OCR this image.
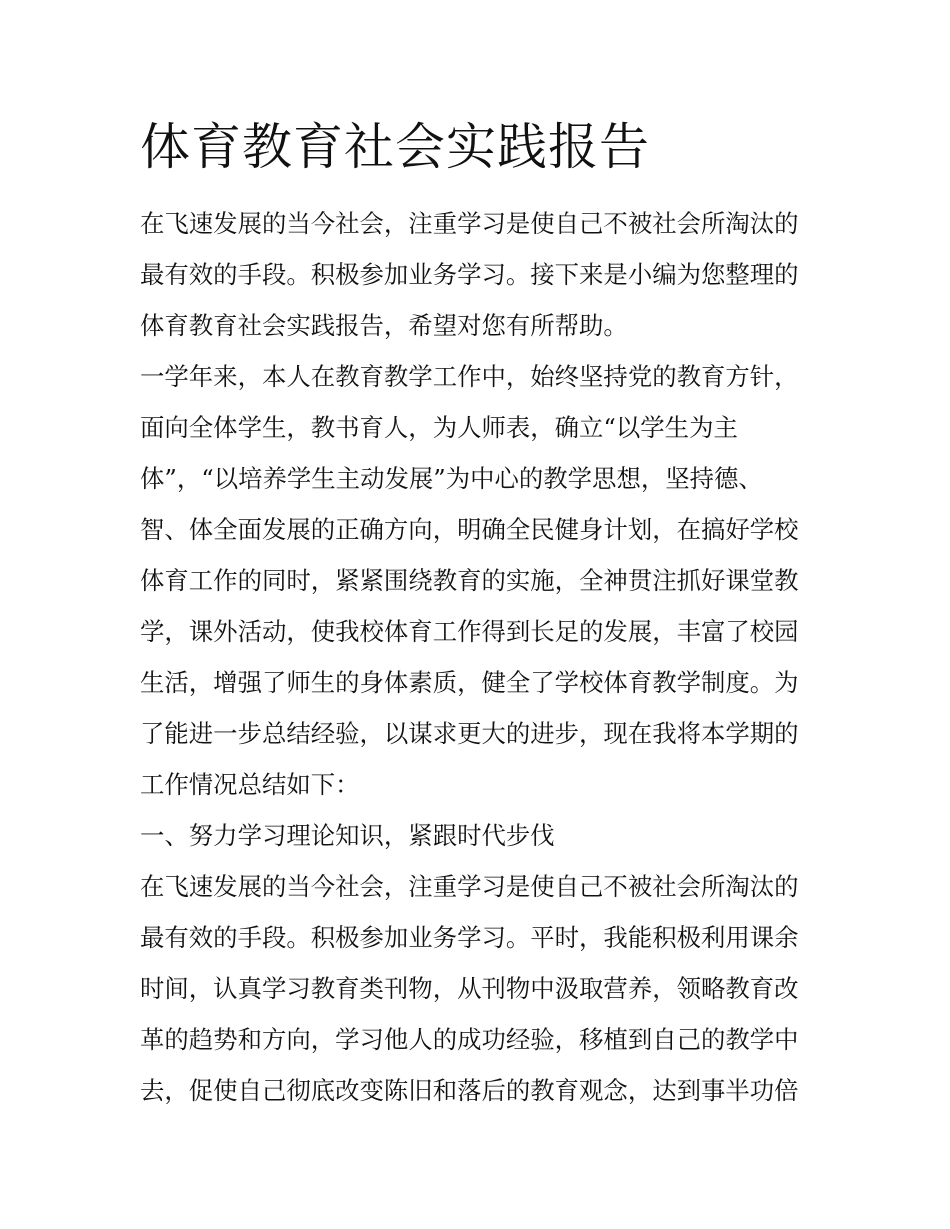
体育教育社会实践报告
在飞速发展的当今社会，注重学习是使自己不被社会所淘汰的
最有效的手段。积极参加业务学习。接下来是小编为您整理的
体育教育社会实践报告，希望对您有所帮助。
一学年来，本人在教育教学工作中，始终坚持党的教育方针，
面向全体学生，教书育人，为人师表，确立“以学生为主
体”，“以培养学生主动发展”为中心的教学思想，坚持德、
智、体全面发展的正确方向，明确全民健身计划，在搞好学校
体育工作的同时，紧紧围绕教育的实施，全神贯注抓好课堂教
学，课外活动，使我校体育工作得到长足的发展，丰富了校园
生活，增强了师生的身体素质，健全了学校体育教学制度。为
了能进一步总结经验，以谋求更大的进步，现在我将本学期的
工作情况总结如下：
一、努力学习理论知识，紧跟时代步伐
在飞速发展的当今社会，注重学习是使自己不被社会所淘汰的
最有效的手段。积极参加业务学习。平时，我能积极利用课余
时间，认真学习教育类刊物，从刊物中汲取营养，领略教育改
革的趋势和方向，学习他人的成功经验，移植到自己的教学中
去，促使自己彻底改变陈旧和落后的教育观念，达到事半功倍
